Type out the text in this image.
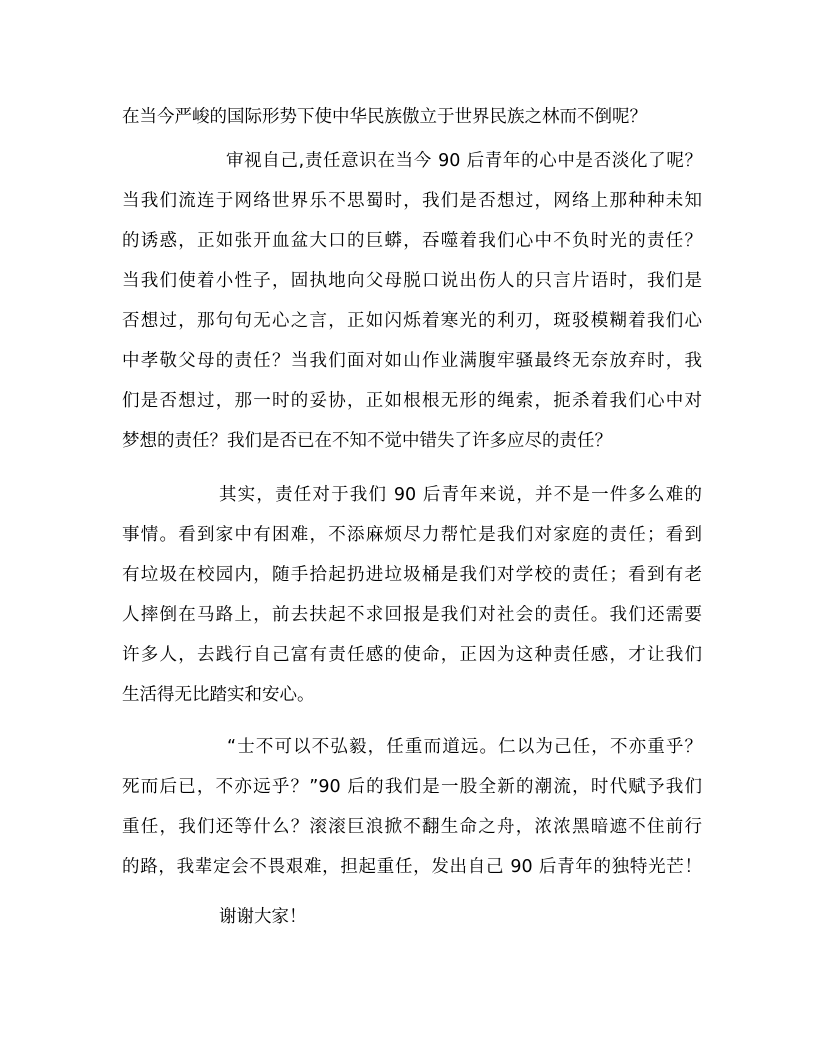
在当今严峻的国际形势下使中华民族傲立于世界民族之林而不倒呢？
审视自己,责任意识在当今 90 后青年的心中是否淡化了呢？
当我们流连于网络世界乐不思蜀时，我们是否想过，网络上那种种未知
的诱惑，正如张开血盆大口的巨蟒，吞噬着我们心中不负时光的责任？
当我们使着小性子，固执地向父母脱口说出伤人的只言片语时，我们是
否想过，那句句无心之言，正如闪烁着寒光的利刃，斑驳模糊着我们心
中孝敬父母的责任？当我们面对如山作业满腹牢骚最终无奈放弃时，我
们是否想过，那一时的妥协，正如根根无形的绳索，扼杀着我们心中对
梦想的责任？我们是否已在不知不觉中错失了许多应尽的责任？
其实，责任对于我们 90 后青年来说，并不是一件多么难的
事情。看到家中有困难，不添麻烦尽力帮忙是我们对家庭的责任；看到
有垃圾在校园内，随手拾起扔进垃圾桶是我们对学校的责任；看到有老
人摔倒在马路上，前去扶起不求回报是我们对社会的责任。我们还需要
许多人，去践行自己富有责任感的使命，正因为这种责任感，才让我们
生活得无比踏实和安心。
“士不可以不弘毅，任重而道远。仁以为己任，不亦重乎？
死而后已，不亦远乎？”90 后的我们是一股全新的潮流，时代赋予我们
重任，我们还等什么？滚滚巨浪掀不翻生命之舟，浓浓黑暗遮不住前行
的路，我辈定会不畏艰难，担起重任，发出自己 90 后青年的独特光芒！
谢谢大家！
